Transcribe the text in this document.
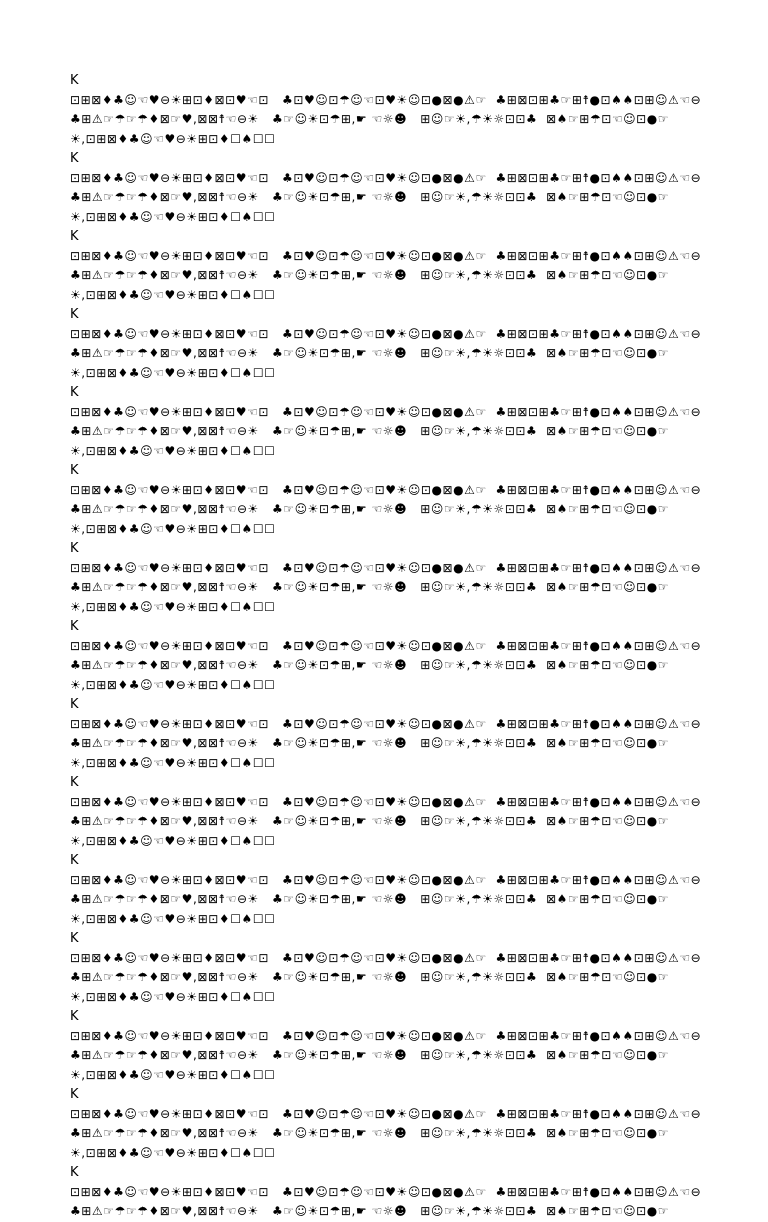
K
⊡⊞⊠♦♣☺☜♥⊖☀⊞⊡♦⊠⊡♥☜⊡   ♣⊡♥☺⊡☂☺☜⊡♥☀☺⊡●⊠●⚠☞  ♣⊞⊠⊡⊞♣☞⊞☨●⊡♠♠⊡⊞☺⚠☜⊖
♣⊞⚠☞☂☞☂♦⊠☞♥,⊠⊠☨☜⊖☀   ♣☞☺☀⊡☂⊞,☛ ☜☼☻   ⊞☺☞☀,☂☀☼⊡⊡♣  ⊠♠☞⊞☂⊡☜☺⊡●☞
☀,⊡⊞⊠♦♣☺☜♥⊖☀⊞⊡♦☐♠☐☐
K
⊡⊞⊠♦♣☺☜♥⊖☀⊞⊡♦⊠⊡♥☜⊡   ♣⊡♥☺⊡☂☺☜⊡♥☀☺⊡●⊠●⚠☞  ♣⊞⊠⊡⊞♣☞⊞☨●⊡♠♠⊡⊞☺⚠☜⊖
♣⊞⚠☞☂☞☂♦⊠☞♥,⊠⊠☨☜⊖☀   ♣☞☺☀⊡☂⊞,☛ ☜☼☻   ⊞☺☞☀,☂☀☼⊡⊡♣  ⊠♠☞⊞☂⊡☜☺⊡●☞
☀,⊡⊞⊠♦♣☺☜♥⊖☀⊞⊡♦☐♠☐☐
K
⊡⊞⊠♦♣☺☜♥⊖☀⊞⊡♦⊠⊡♥☜⊡   ♣⊡♥☺⊡☂☺☜⊡♥☀☺⊡●⊠●⚠☞  ♣⊞⊠⊡⊞♣☞⊞☨●⊡♠♠⊡⊞☺⚠☜⊖
♣⊞⚠☞☂☞☂♦⊠☞♥,⊠⊠☨☜⊖☀   ♣☞☺☀⊡☂⊞,☛ ☜☼☻   ⊞☺☞☀,☂☀☼⊡⊡♣  ⊠♠☞⊞☂⊡☜☺⊡●☞
☀,⊡⊞⊠♦♣☺☜♥⊖☀⊞⊡♦☐♠☐☐
K
⊡⊞⊠♦♣☺☜♥⊖☀⊞⊡♦⊠⊡♥☜⊡   ♣⊡♥☺⊡☂☺☜⊡♥☀☺⊡●⊠●⚠☞  ♣⊞⊠⊡⊞♣☞⊞☨●⊡♠♠⊡⊞☺⚠☜⊖
♣⊞⚠☞☂☞☂♦⊠☞♥,⊠⊠☨☜⊖☀   ♣☞☺☀⊡☂⊞,☛ ☜☼☻   ⊞☺☞☀,☂☀☼⊡⊡♣  ⊠♠☞⊞☂⊡☜☺⊡●☞
☀,⊡⊞⊠♦♣☺☜♥⊖☀⊞⊡♦☐♠☐☐
K
⊡⊞⊠♦♣☺☜♥⊖☀⊞⊡♦⊠⊡♥☜⊡   ♣⊡♥☺⊡☂☺☜⊡♥☀☺⊡●⊠●⚠☞  ♣⊞⊠⊡⊞♣☞⊞☨●⊡♠♠⊡⊞☺⚠☜⊖
♣⊞⚠☞☂☞☂♦⊠☞♥,⊠⊠☨☜⊖☀   ♣☞☺☀⊡☂⊞,☛ ☜☼☻   ⊞☺☞☀,☂☀☼⊡⊡♣  ⊠♠☞⊞☂⊡☜☺⊡●☞
☀,⊡⊞⊠♦♣☺☜♥⊖☀⊞⊡♦☐♠☐☐
K
⊡⊞⊠♦♣☺☜♥⊖☀⊞⊡♦⊠⊡♥☜⊡   ♣⊡♥☺⊡☂☺☜⊡♥☀☺⊡●⊠●⚠☞  ♣⊞⊠⊡⊞♣☞⊞☨●⊡♠♠⊡⊞☺⚠☜⊖
♣⊞⚠☞☂☞☂♦⊠☞♥,⊠⊠☨☜⊖☀   ♣☞☺☀⊡☂⊞,☛ ☜☼☻   ⊞☺☞☀,☂☀☼⊡⊡♣  ⊠♠☞⊞☂⊡☜☺⊡●☞
☀,⊡⊞⊠♦♣☺☜♥⊖☀⊞⊡♦☐♠☐☐
K
⊡⊞⊠♦♣☺☜♥⊖☀⊞⊡♦⊠⊡♥☜⊡   ♣⊡♥☺⊡☂☺☜⊡♥☀☺⊡●⊠●⚠☞  ♣⊞⊠⊡⊞♣☞⊞☨●⊡♠♠⊡⊞☺⚠☜⊖
♣⊞⚠☞☂☞☂♦⊠☞♥,⊠⊠☨☜⊖☀   ♣☞☺☀⊡☂⊞,☛ ☜☼☻   ⊞☺☞☀,☂☀☼⊡⊡♣  ⊠♠☞⊞☂⊡☜☺⊡●☞
☀,⊡⊞⊠♦♣☺☜♥⊖☀⊞⊡♦☐♠☐☐
K
⊡⊞⊠♦♣☺☜♥⊖☀⊞⊡♦⊠⊡♥☜⊡   ♣⊡♥☺⊡☂☺☜⊡♥☀☺⊡●⊠●⚠☞  ♣⊞⊠⊡⊞♣☞⊞☨●⊡♠♠⊡⊞☺⚠☜⊖
♣⊞⚠☞☂☞☂♦⊠☞♥,⊠⊠☨☜⊖☀   ♣☞☺☀⊡☂⊞,☛ ☜☼☻   ⊞☺☞☀,☂☀☼⊡⊡♣  ⊠♠☞⊞☂⊡☜☺⊡●☞
☀,⊡⊞⊠♦♣☺☜♥⊖☀⊞⊡♦☐♠☐☐
K
⊡⊞⊠♦♣☺☜♥⊖☀⊞⊡♦⊠⊡♥☜⊡   ♣⊡♥☺⊡☂☺☜⊡♥☀☺⊡●⊠●⚠☞  ♣⊞⊠⊡⊞♣☞⊞☨●⊡♠♠⊡⊞☺⚠☜⊖
♣⊞⚠☞☂☞☂♦⊠☞♥,⊠⊠☨☜⊖☀   ♣☞☺☀⊡☂⊞,☛ ☜☼☻   ⊞☺☞☀,☂☀☼⊡⊡♣  ⊠♠☞⊞☂⊡☜☺⊡●☞
☀,⊡⊞⊠♦♣☺☜♥⊖☀⊞⊡♦☐♠☐☐
K
⊡⊞⊠♦♣☺☜♥⊖☀⊞⊡♦⊠⊡♥☜⊡   ♣⊡♥☺⊡☂☺☜⊡♥☀☺⊡●⊠●⚠☞  ♣⊞⊠⊡⊞♣☞⊞☨●⊡♠♠⊡⊞☺⚠☜⊖
♣⊞⚠☞☂☞☂♦⊠☞♥,⊠⊠☨☜⊖☀   ♣☞☺☀⊡☂⊞,☛ ☜☼☻   ⊞☺☞☀,☂☀☼⊡⊡♣  ⊠♠☞⊞☂⊡☜☺⊡●☞
☀,⊡⊞⊠♦♣☺☜♥⊖☀⊞⊡♦☐♠☐☐
K
⊡⊞⊠♦♣☺☜♥⊖☀⊞⊡♦⊠⊡♥☜⊡   ♣⊡♥☺⊡☂☺☜⊡♥☀☺⊡●⊠●⚠☞  ♣⊞⊠⊡⊞♣☞⊞☨●⊡♠♠⊡⊞☺⚠☜⊖
♣⊞⚠☞☂☞☂♦⊠☞♥,⊠⊠☨☜⊖☀   ♣☞☺☀⊡☂⊞,☛ ☜☼☻   ⊞☺☞☀,☂☀☼⊡⊡♣  ⊠♠☞⊞☂⊡☜☺⊡●☞
☀,⊡⊞⊠♦♣☺☜♥⊖☀⊞⊡♦☐♠☐☐
K
⊡⊞⊠♦♣☺☜♥⊖☀⊞⊡♦⊠⊡♥☜⊡   ♣⊡♥☺⊡☂☺☜⊡♥☀☺⊡●⊠●⚠☞  ♣⊞⊠⊡⊞♣☞⊞☨●⊡♠♠⊡⊞☺⚠☜⊖
♣⊞⚠☞☂☞☂♦⊠☞♥,⊠⊠☨☜⊖☀   ♣☞☺☀⊡☂⊞,☛ ☜☼☻   ⊞☺☞☀,☂☀☼⊡⊡♣  ⊠♠☞⊞☂⊡☜☺⊡●☞
☀,⊡⊞⊠♦♣☺☜♥⊖☀⊞⊡♦☐♠☐☐
K
⊡⊞⊠♦♣☺☜♥⊖☀⊞⊡♦⊠⊡♥☜⊡   ♣⊡♥☺⊡☂☺☜⊡♥☀☺⊡●⊠●⚠☞  ♣⊞⊠⊡⊞♣☞⊞☨●⊡♠♠⊡⊞☺⚠☜⊖
♣⊞⚠☞☂☞☂♦⊠☞♥,⊠⊠☨☜⊖☀   ♣☞☺☀⊡☂⊞,☛ ☜☼☻   ⊞☺☞☀,☂☀☼⊡⊡♣  ⊠♠☞⊞☂⊡☜☺⊡●☞
☀,⊡⊞⊠♦♣☺☜♥⊖☀⊞⊡♦☐♠☐☐
K
⊡⊞⊠♦♣☺☜♥⊖☀⊞⊡♦⊠⊡♥☜⊡   ♣⊡♥☺⊡☂☺☜⊡♥☀☺⊡●⊠●⚠☞  ♣⊞⊠⊡⊞♣☞⊞☨●⊡♠♠⊡⊞☺⚠☜⊖
♣⊞⚠☞☂☞☂♦⊠☞♥,⊠⊠☨☜⊖☀   ♣☞☺☀⊡☂⊞,☛ ☜☼☻   ⊞☺☞☀,☂☀☼⊡⊡♣  ⊠♠☞⊞☂⊡☜☺⊡●☞
☀,⊡⊞⊠♦♣☺☜♥⊖☀⊞⊡♦☐♠☐☐
K
⊡⊞⊠♦♣☺☜♥⊖☀⊞⊡♦⊠⊡♥☜⊡   ♣⊡♥☺⊡☂☺☜⊡♥☀☺⊡●⊠●⚠☞  ♣⊞⊠⊡⊞♣☞⊞☨●⊡♠♠⊡⊞☺⚠☜⊖
♣⊞⚠☞☂☞☂♦⊠☞♥,⊠⊠☨☜⊖☀   ♣☞☺☀⊡☂⊞,☛ ☜☼☻   ⊞☺☞☀,☂☀☼⊡⊡♣  ⊠♠☞⊞☂⊡☜☺⊡●☞
